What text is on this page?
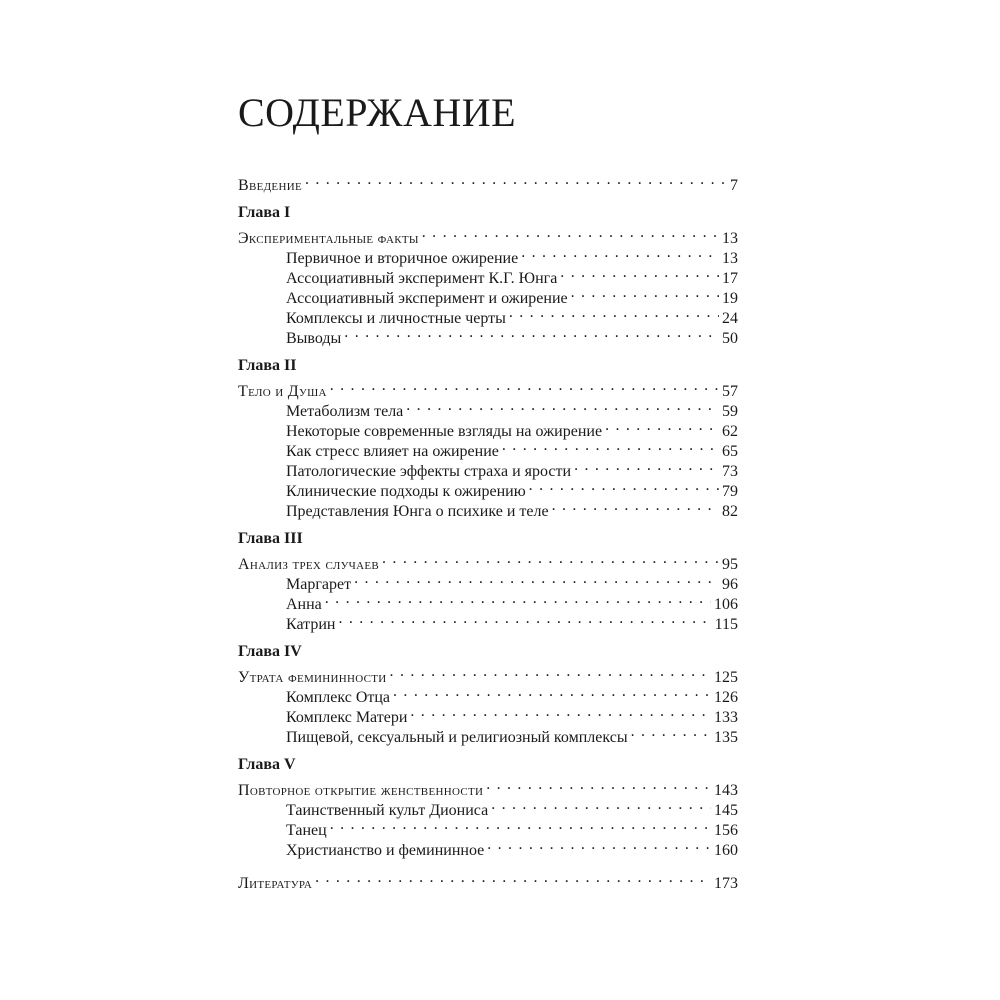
СОДЕРЖАНИЕ
Введение . . .	7
Глава I
Экспериментальные факты . . .	13
Первичное и вторичное ожирение . . .	13
Ассоциативный эксперимент К.Г. Юнга . . .	17
Ассоциативный эксперимент и ожирение . . .	19
Комплексы и личностные черты . . .	24
Выводы . . .	50
Глава II
Тело и Душа . . .	57
Метаболизм тела . . .	59
Некоторые современные взгляды на ожирение . . .	62
Как стресс влияет на ожирение . . .	65
Патологические эффекты страха и ярости . . .	73
Клинические подходы к ожирению . . .	79
Представления Юнга о психике и теле . . .	82
Глава III
Анализ трех случаев . . .	95
Маргарет . . .	96
Анна . . .	106
Катрин . . .	115
Глава IV
Утрата фемининности . . .	125
Комплекс Отца . . .	126
Комплекс Матери . . .	133
Пищевой, сексуальный и религиозный комплексы . . .	135
Глава V
Повторное открытие женственности . . .	143
Таинственный культ Диониса . . .	145
Танец . . .	156
Христианство и фемининное . . .	160
Литература . . .	173
